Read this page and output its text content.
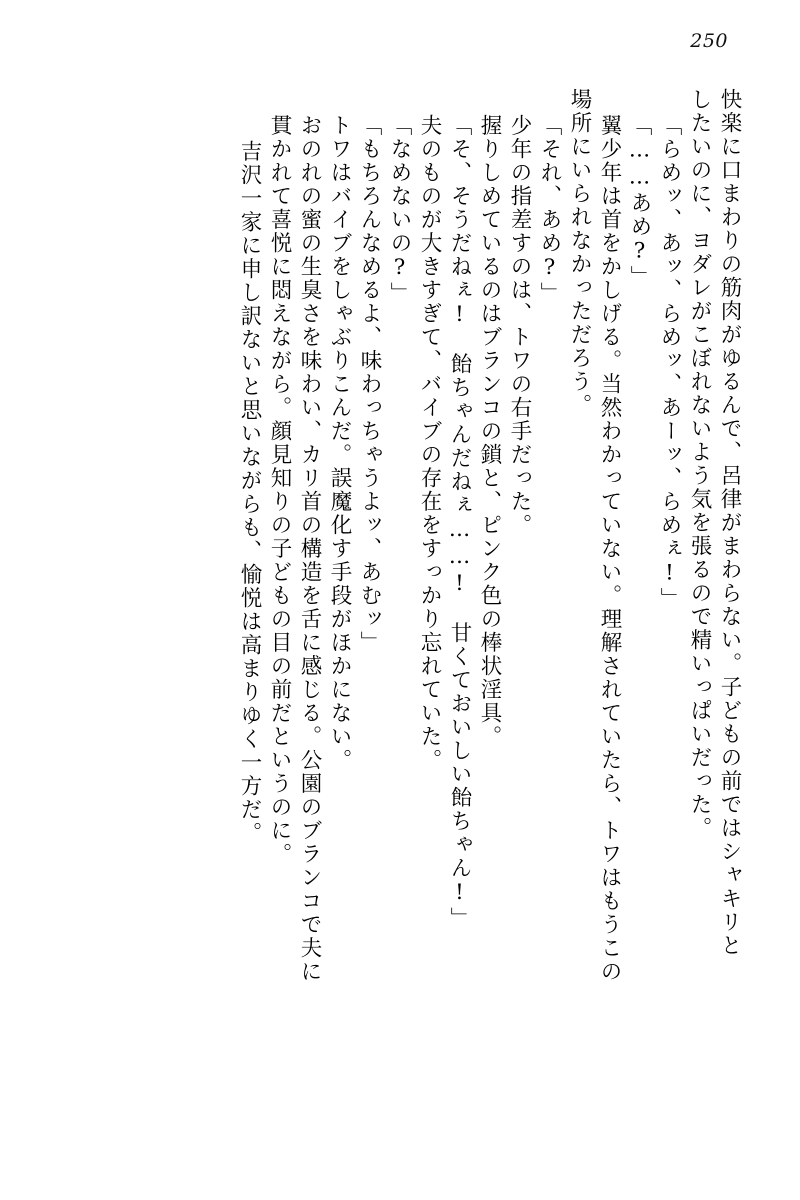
250
快楽に口まわりの筋肉がゆるんで、呂律がまわらない。子どもの前ではシャキリと
したいのに、ヨダレがこぼれないよう気を張るので精いっぱいだった。
「らめッ、あッ、らめッ、あーッ、らめぇ!」
「……あめ?」
翼少年は首をかしげる。当然わかっていない。理解されていたら、トワはもうこの
場所にいられなかっただろう。
「それ、あめ?」
少年の指差すのは、トワの右手だった。
握りしめているのはブランコの鎖と、ピンク色の棒状淫具。
「そ、そうだねぇ!　飴ちゃんだねぇ……!　甘くておいしい飴ちゃん!」
夫のものが大きすぎて、バイブの存在をすっかり忘れていた。
「なめないの?」
「もちろんなめるよ、味わっちゃうよッ、あむッ」
トワはバイブをしゃぶりこんだ。誤魔化す手段がほかにない。
おのれの蜜の生臭さを味わい、カリ首の構造を舌に感じる。公園のブランコで夫に
貫かれて喜悦に悶えながら。顔見知りの子どもの目の前だというのに。
吉沢一家に申し訳ないと思いながらも、愉悦は高まりゆく一方だ。
